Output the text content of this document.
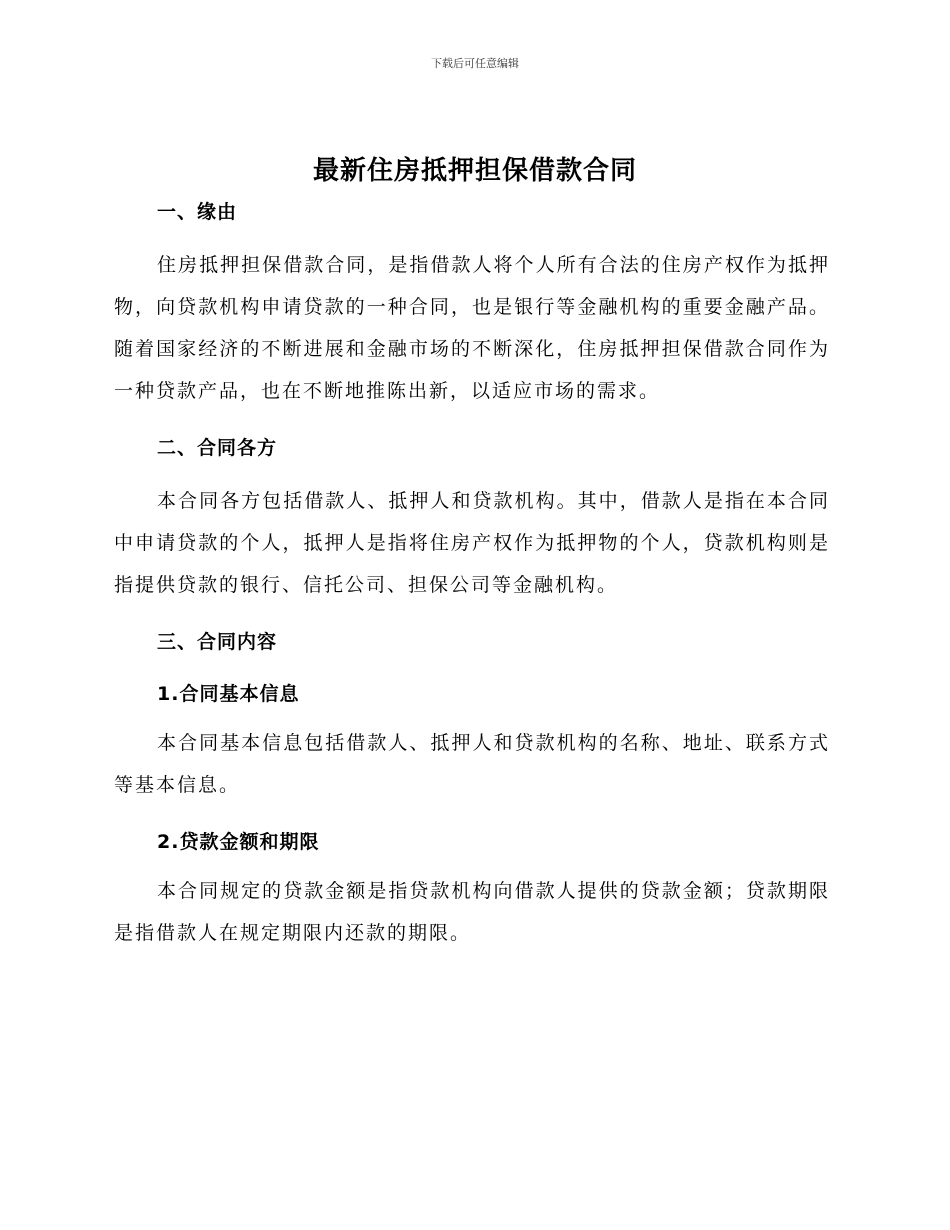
下载后可任意编辑
最新住房抵押担保借款合同
一、缘由

住房抵押担保借款合同，是指借款人将个人所有合法的住房产权作为抵押物，向贷款机构申请贷款的一种合同，也是银行等金融机构的重要金融产品。随着国家经济的不断进展和金融市场的不断深化，住房抵押担保借款合同作为一种贷款产品，也在不断地推陈出新，以适应市场的需求。

二、合同各方

本合同各方包括借款人、抵押人和贷款机构。其中，借款人是指在本合同中申请贷款的个人，抵押人是指将住房产权作为抵押物的个人，贷款机构则是指提供贷款的银行、信托公司、担保公司等金融机构。

三、合同内容
1.合同基本信息

本合同基本信息包括借款人、抵押人和贷款机构的名称、地址、联系方式等基本信息。

2.贷款金额和期限

本合同规定的贷款金额是指贷款机构向借款人提供的贷款金额；贷款期限是指借款人在规定期限内还款的期限。
